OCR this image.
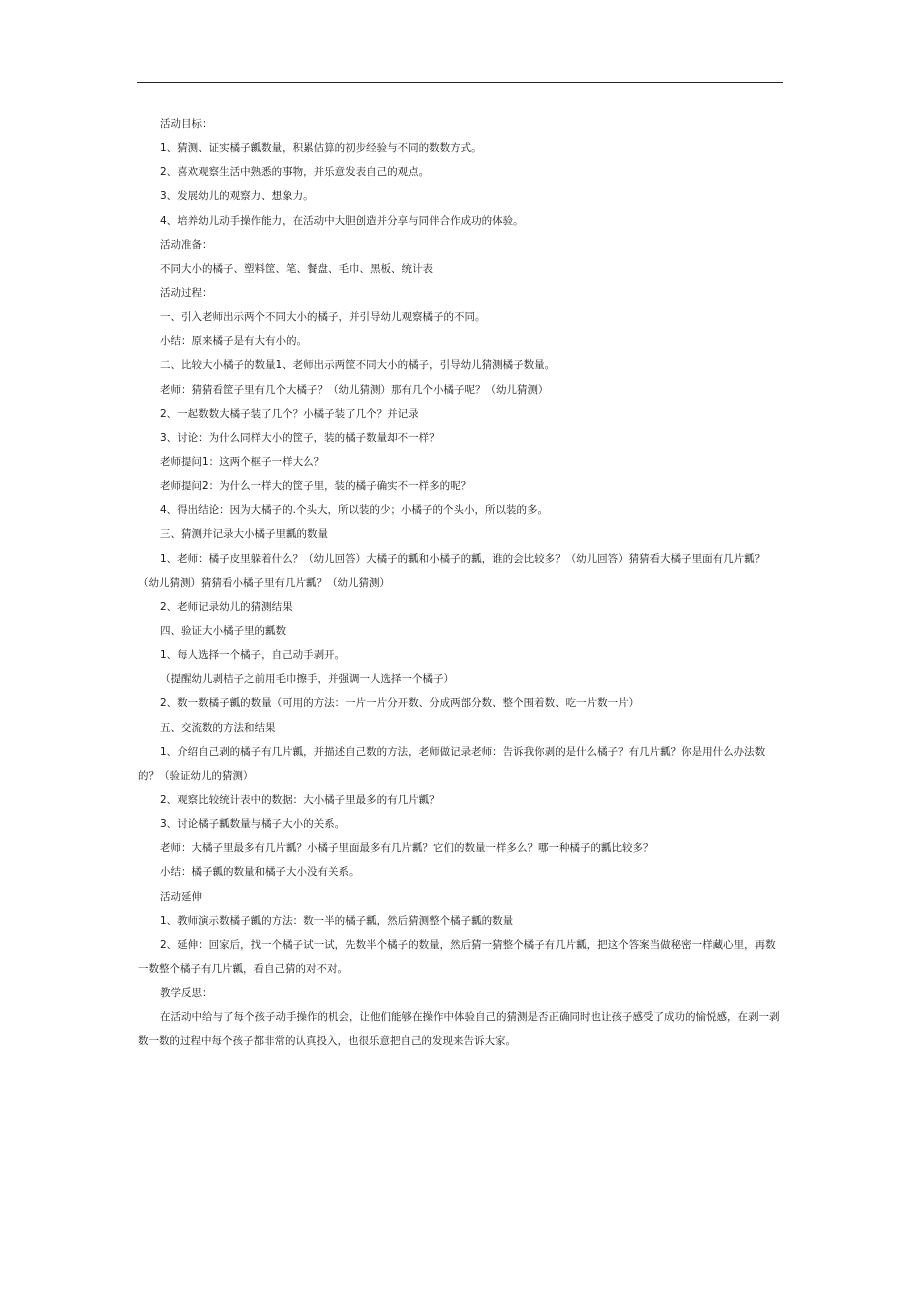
活动目标：
1、猜测、证实橘子瓤数量，积累估算的初步经验与不同的数数方式。
2、喜欢观察生活中熟悉的事物，并乐意发表自己的观点。
3、发展幼儿的观察力、想象力。
4、培养幼儿动手操作能力，在活动中大胆创造并分享与同伴合作成功的体验。
活动准备：
不同大小的橘子、塑料筐、笔、餐盘、毛巾、黑板、统计表
活动过程：
一、引入老师出示两个不同大小的橘子，并引导幼儿观察橘子的不同。
小结：原来橘子是有大有小的。
二、比较大小橘子的数量1、老师出示两筐不同大小的橘子，引导幼儿猜测橘子数量。
老师：猜猜看筐子里有几个大橘子？（幼儿猜测）那有几个小橘子呢？（幼儿猜测）
2、一起数数大橘子装了几个？小橘子装了几个？并记录
3、讨论：为什么同样大小的筐子，装的橘子数量却不一样？
老师提问1：这两个框子一样大么？
老师提问2：为什么一样大的筐子里，装的橘子确实不一样多的呢？
4、得出结论：因为大橘子的.个头大，所以装的少；小橘子的个头小，所以装的多。
三、猜测并记录大小橘子里瓤的数量
1、老师：橘子皮里躲着什么？（幼儿回答）大橘子的瓤和小橘子的瓤，谁的会比较多？（幼儿回答）猜猜看大橘子里面有几片瓤？（幼儿猜测）猜猜看小橘子里有几片瓤？（幼儿猜测）
2、老师记录幼儿的猜测结果
四、验证大小橘子里的瓤数
1、每人选择一个橘子，自己动手剥开。
（提醒幼儿剥桔子之前用毛巾擦手，并强调一人选择一个橘子）
2、数一数橘子瓤的数量（可用的方法：一片一片分开数、分成两部分数、整个围着数、吃一片数一片）
五、交流数的方法和结果
1、介绍自己剥的橘子有几片瓤，并描述自己数的方法，老师做记录老师：告诉我你剥的是什么橘子？有几片瓤？你是用什么办法数的？（验证幼儿的猜测）
2、观察比较统计表中的数据：大小橘子里最多的有几片瓤？
3、讨论橘子瓤数量与橘子大小的关系。
老师：大橘子里最多有几片瓤？小橘子里面最多有几片瓤？它们的数量一样多么？哪一种橘子的瓤比较多？
小结：橘子瓤的数量和橘子大小没有关系。
活动延伸
1、教师演示数橘子瓤的方法：数一半的橘子瓤，然后猜测整个橘子瓤的数量
2、延伸：回家后，找一个橘子试一试，先数半个橘子的数量，然后猜一猜整个橘子有几片瓤，把这个答案当做秘密一样藏心里，再数一数整个橘子有几片瓤，看自己猜的对不对。
教学反思：
在活动中给与了每个孩子动手操作的机会，让他们能够在操作中体验自己的猜测是否正确同时也让孩子感受了成功的愉悦感，在剥一剥数一数的过程中每个孩子都非常的认真投入，也很乐意把自己的发现来告诉大家。
